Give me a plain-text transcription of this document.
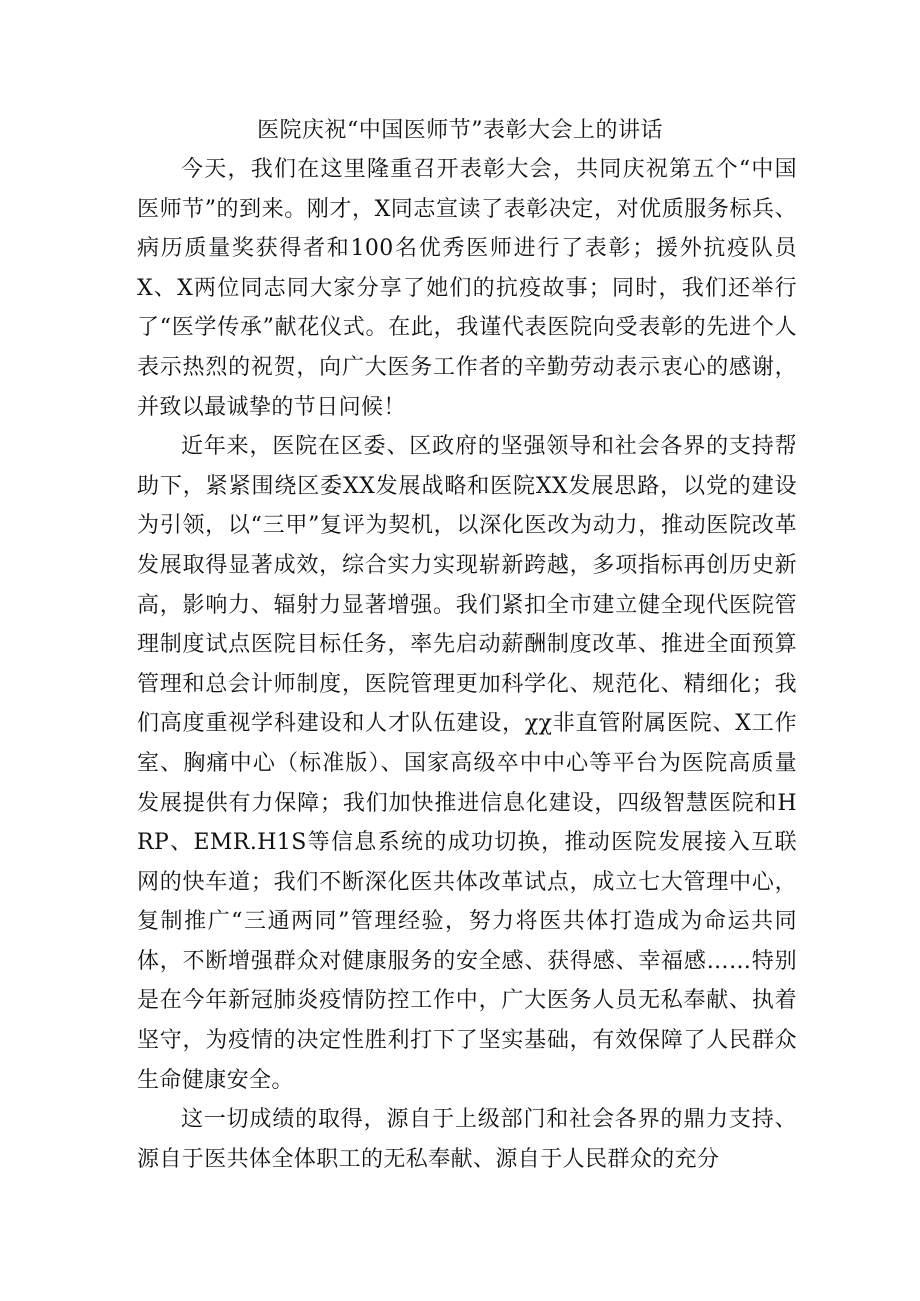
医院庆祝“中国医师节”表彰大会上的讲话

今天，我们在这里隆重召开表彰大会，共同庆祝第五个“中国医师节”的到来。刚才，X同志宣读了表彰决定，对优质服务标兵、病历质量奖获得者和100名优秀医师进行了表彰；援外抗疫队员X、X两位同志同大家分享了她们的抗疫故事；同时，我们还举行了“医学传承”献花仪式。在此，我谨代表医院向受表彰的先进个人表示热烈的祝贺，向广大医务工作者的辛勤劳动表示衷心的感谢，并致以最诚挚的节日问候！

近年来，医院在区委、区政府的坚强领导和社会各界的支持帮助下，紧紧围绕区委XX发展战略和医院XX发展思路，以党的建设为引领，以“三甲”复评为契机，以深化医改为动力，推动医院改革发展取得显著成效，综合实力实现崭新跨越，多项指标再创历史新高，影响力、辐射力显著增强。我们紧扣全市建立健全现代医院管理制度试点医院目标任务，率先启动薪酬制度改革、推进全面预算管理和总会计师制度，医院管理更加科学化、规范化、精细化；我们高度重视学科建设和人才队伍建设，χχ非直管附属医院、X工作室、胸痛中心（标准版）、国家高级卒中中心等平台为医院高质量发展提供有力保障；我们加快推进信息化建设，四级智慧医院和HRP、EMR.H1S等信息系统的成功切换，推动医院发展接入互联网的快车道；我们不断深化医共体改革试点，成立七大管理中心，复制推广“三通两同”管理经验，努力将医共体打造成为命运共同体，不断增强群众对健康服务的安全感、获得感、幸福感……特别是在今年新冠肺炎疫情防控工作中，广大医务人员无私奉献、执着坚守，为疫情的决定性胜利打下了坚实基础，有效保障了人民群众生命健康安全。

这一切成绩的取得，源自于上级部门和社会各界的鼎力支持、源自于医共体全体职工的无私奉献、源自于人民群众的充分
